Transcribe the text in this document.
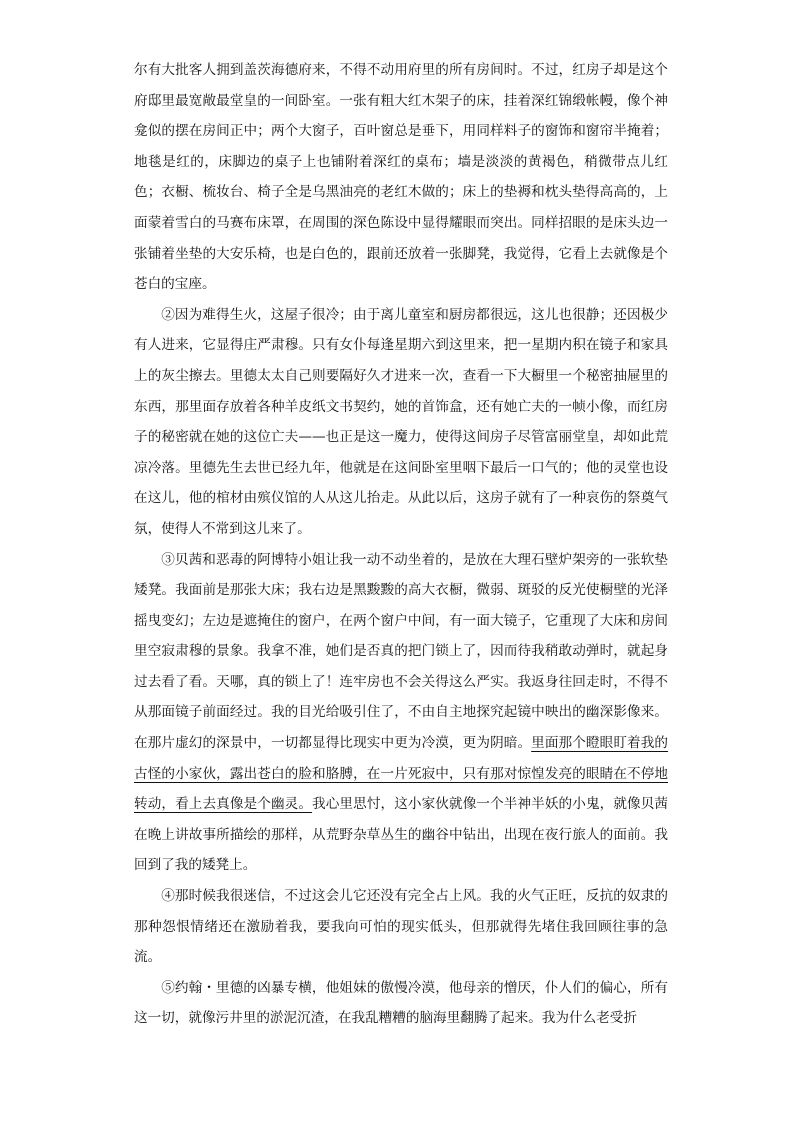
尔有大批客人拥到盖茨海德府来，不得不动用府里的所有房间时。不过，红房子却是这个府邸里最宽敞最堂皇的一间卧室。一张有粗大红木架子的床，挂着深红锦缎帐幔，像个神龛似的摆在房间正中；两个大窗子，百叶窗总是垂下，用同样料子的窗饰和窗帘半掩着；地毯是红的，床脚边的桌子上也铺附着深红的桌布；墙是淡淡的黄褐色，稍微带点儿红色；衣橱、梳妆台、椅子全是乌黑油亮的老红木做的；床上的垫褥和枕头垫得高高的，上面蒙着雪白的马赛布床罩，在周围的深色陈设中显得耀眼而突出。同样招眼的是床头边一张铺着坐垫的大安乐椅，也是白色的，跟前还放着一张脚凳，我觉得，它看上去就像是个苍白的宝座。

②因为难得生火，这屋子很冷；由于离儿童室和厨房都很远，这儿也很静；还因极少有人进来，它显得庄严肃穆。只有女仆每逢星期六到这里来，把一星期内积在镜子和家具上的灰尘擦去。里德太太自己则要隔好久才进来一次，查看一下大橱里一个秘密抽屉里的东西，那里面存放着各种羊皮纸文书契约，她的首饰盒，还有她亡夫的一帧小像，而红房子的秘密就在她的这位亡夫——也正是这一魔力，使得这间房子尽管富丽堂皇，却如此荒凉冷落。里德先生去世已经九年，他就是在这间卧室里咽下最后一口气的；他的灵堂也设在这儿，他的棺材由殡仪馆的人从这儿抬走。从此以后，这房子就有了一种哀伤的祭奠气氛，使得人不常到这儿来了。

③贝茜和恶毒的阿博特小姐让我一动不动坐着的，是放在大理石壁炉架旁的一张软垫矮凳。我面前是那张大床；我右边是黑黢黢的高大衣橱，微弱、斑驳的反光使橱壁的光泽摇曳变幻；左边是遮掩住的窗户，在两个窗户中间，有一面大镜子，它重现了大床和房间里空寂肃穆的景象。我拿不准，她们是否真的把门锁上了，因而待我稍敢动弹时，就起身过去看了看。天哪，真的锁上了！连牢房也不会关得这么严实。我返身往回走时，不得不从那面镜子前面经过。我的目光给吸引住了，不由自主地探究起镜中映出的幽深影像来。在那片虚幻的深景中，一切都显得比现实中更为冷漠，更为阴暗。里面那个瞪眼盯着我的古怪的小家伙，露出苍白的脸和胳膊，在一片死寂中，只有那对惊惶发亮的眼睛在不停地转动，看上去真像是个幽灵。我心里思忖，这小家伙就像一个半神半妖的小鬼，就像贝茜在晚上讲故事所描绘的那样，从荒野杂草丛生的幽谷中钻出，出现在夜行旅人的面前。我回到了我的矮凳上。

④那时候我很迷信，不过这会儿它还没有完全占上风。我的火气正旺，反抗的奴隶的那种怨恨情绪还在激励着我，要我向可怕的现实低头，但那就得先堵住我回顾往事的急流。

⑤约翰・里德的凶暴专横，他姐妹的傲慢冷漠，他母亲的憎厌，仆人们的偏心，所有这一切，就像污井里的淤泥沉渣，在我乱糟糟的脑海里翻腾了起来。我为什么老受折
